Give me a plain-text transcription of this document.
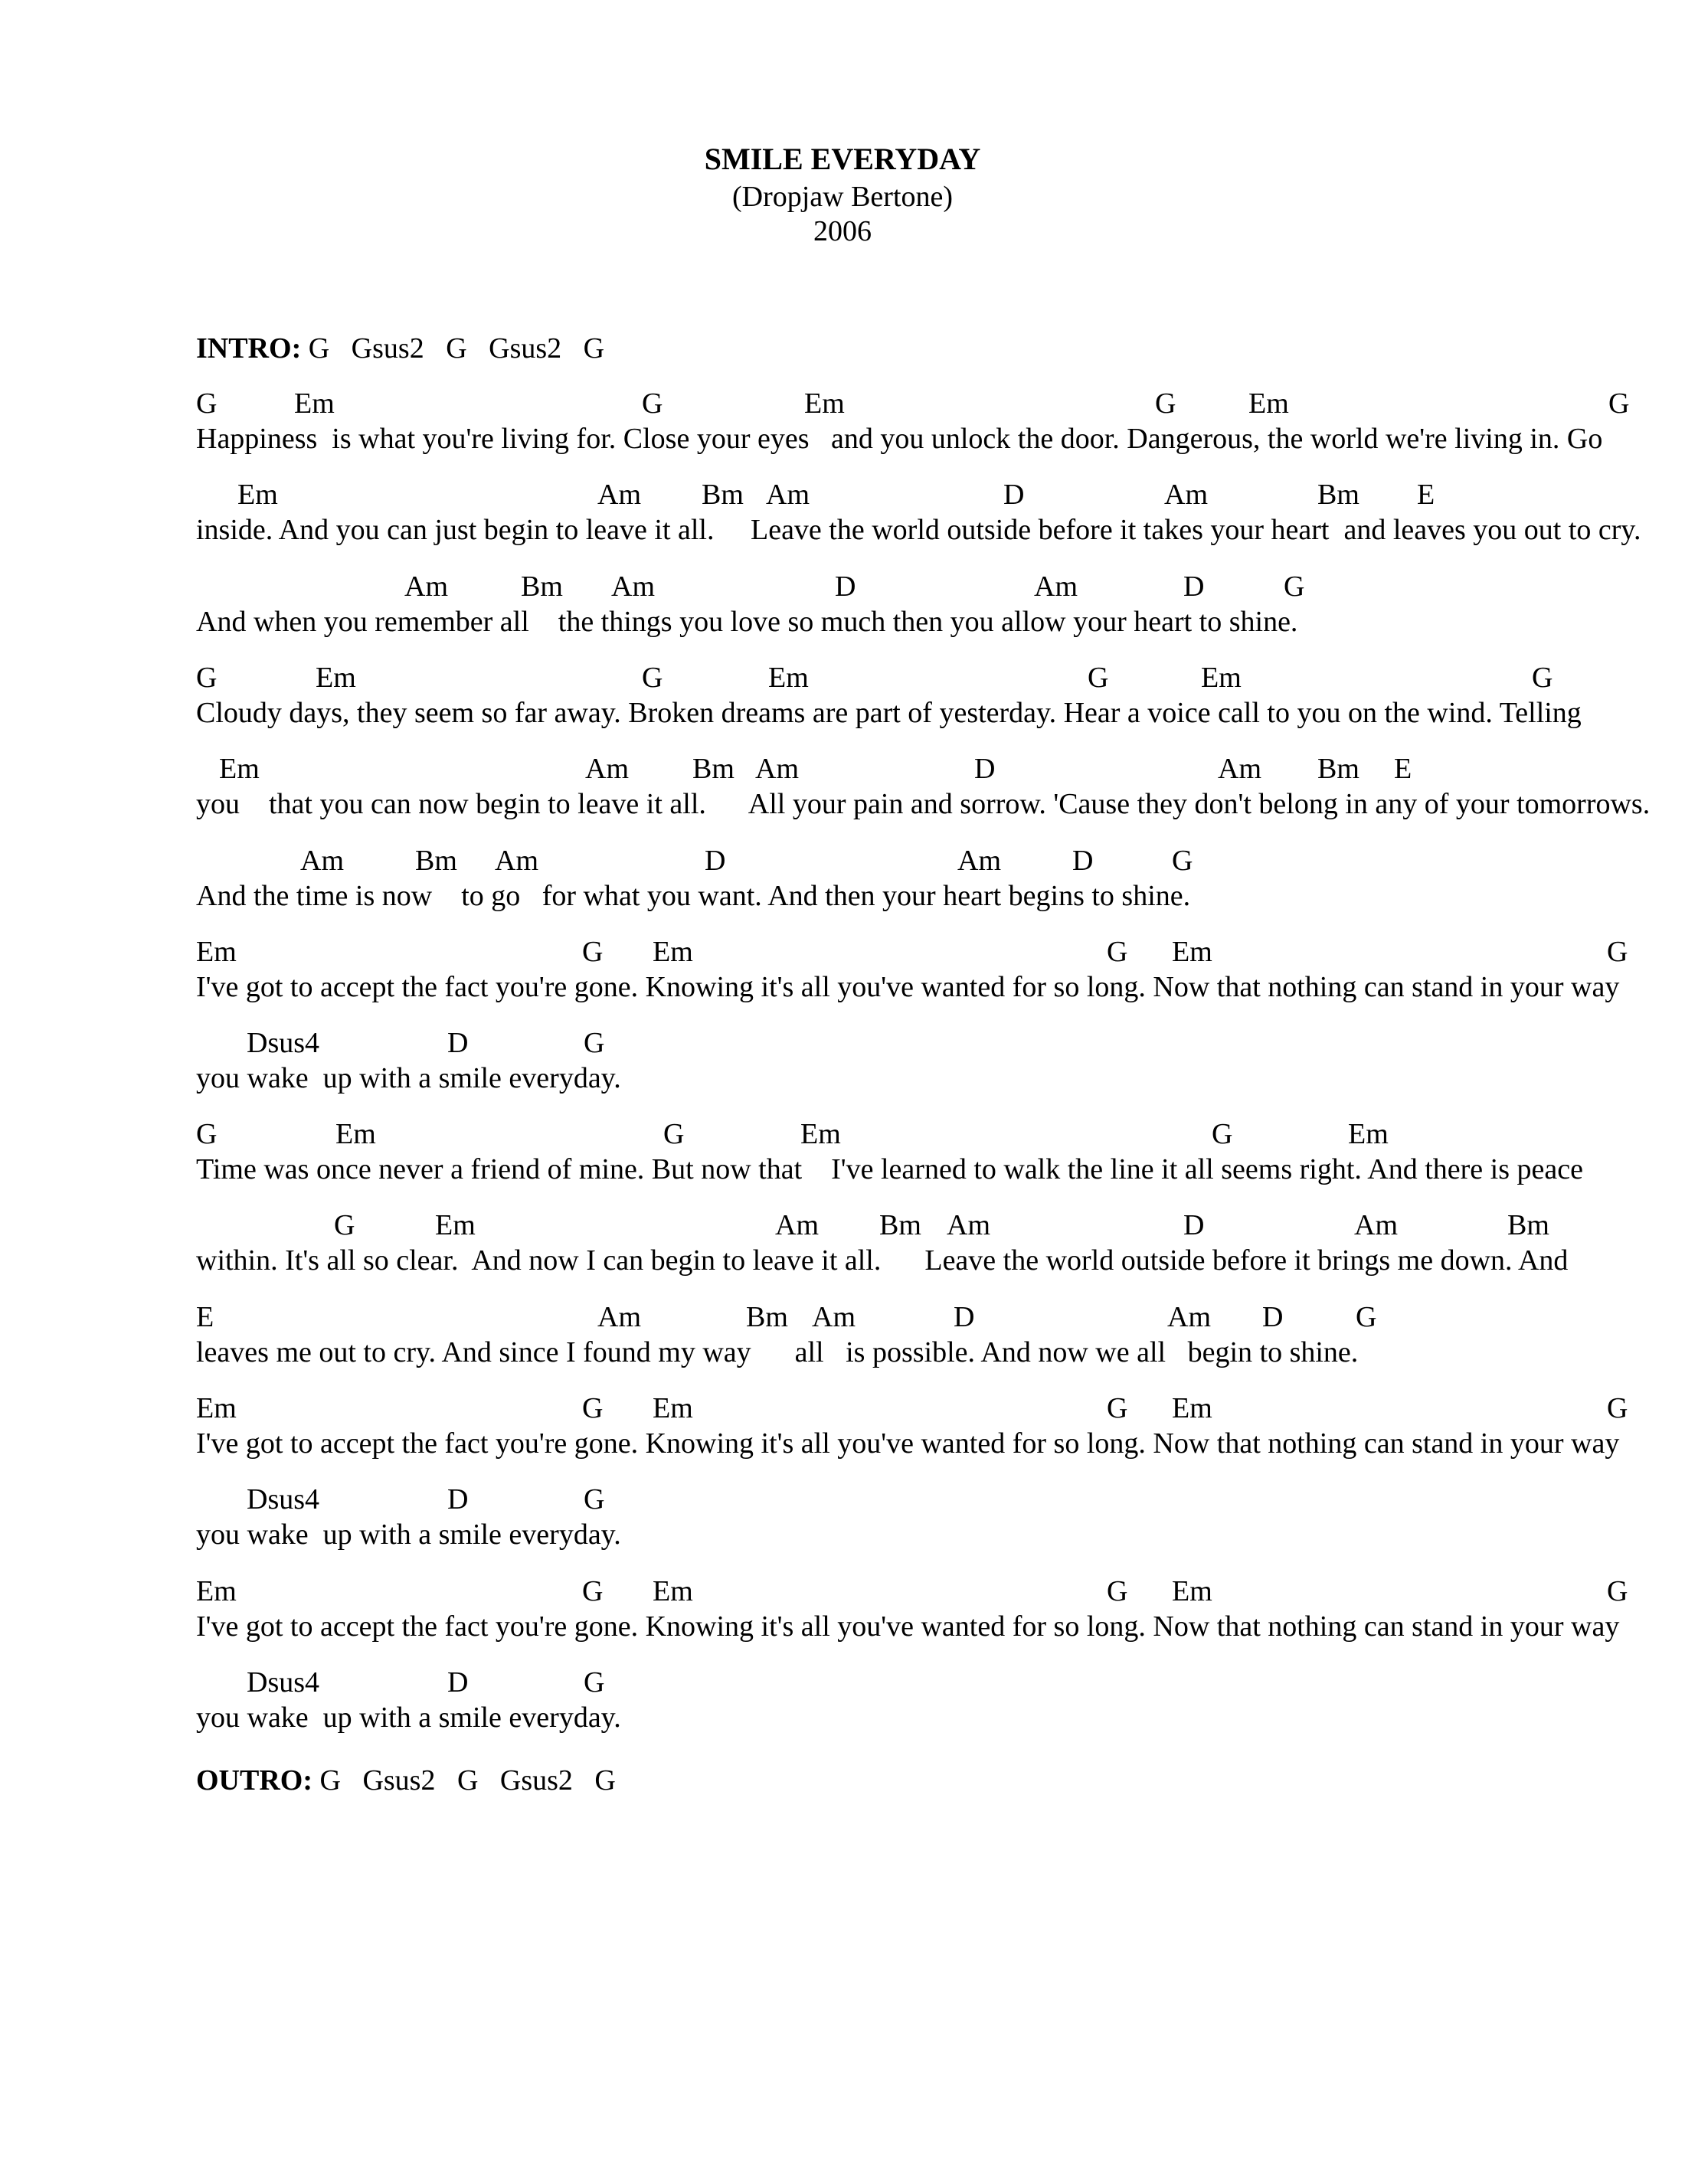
SMILE EVERYDAY
(Dropjaw Bertone)
2006
INTRO: G   Gsus2   G   Gsus2   G
G	Em	G	Em	G Em	G
Happiness  is what you're living for. Close your eyes   and you unlock the door. Dangerous, the world we're living in. Go
Em	Am Bm Am	D	Am	Bm E
inside. And you can just begin to leave it all.     Leave the world outside before it takes your heart  and leaves you out to cry.
Am	Bm Am	D	Am	D	G
And when you remember all    the things you love so much then you allow your heart to shine.
G	Em	G	Em	G	Em	G
Cloudy days, they seem so far away. Broken dreams are part of yesterday. Hear a voice call to you on the wind. Telling
Em	Am Bm Am	D	Am Bm E
you    that you can now begin to leave it all.      All your pain and sorrow. 'Cause they don't belong in any of your tomorrows.
Am Bm Am	D	Am D	G
And the time is now    to go   for what you want. And then your heart begins to shine.
Em	G Em	G Em	G
I've got to accept the fact you're gone. Knowing it's all you've wanted for so long. Now that nothing can stand in your way
Dsus4	D	G
you wake  up with a smile everyday.
G	Em	G	Em	G	Em
Time was once never a friend of mine. But now that    I've learned to walk the line it all seems right. And there is peace
G	Em	Am Bm Am	D	Am	Bm
within. It's all so clear.  And now I can begin to leave it all.      Leave the world outside before it brings me down. And
E	Am	Bm Am	D	Am D G
leaves me out to cry. And since I found my way      all   is possible. And now we all   begin to shine.
Em	G Em	G Em	G
I've got to accept the fact you're gone. Knowing it's all you've wanted for so long. Now that nothing can stand in your way
Dsus4	D	G
you wake  up with a smile everyday.
Em	G Em	G Em	G
I've got to accept the fact you're gone. Knowing it's all you've wanted for so long. Now that nothing can stand in your way
Dsus4	D	G
you wake  up with a smile everyday.
OUTRO: G   Gsus2   G   Gsus2   G
